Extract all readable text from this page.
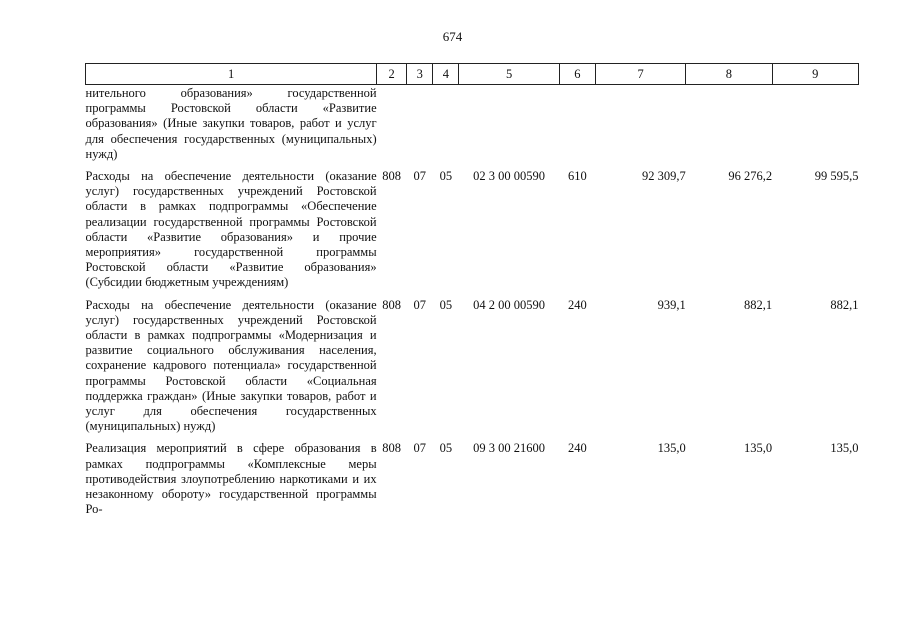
674
1	2	3	4	5	6	7	8	9
нительного образования» государственной программы Ростовской области «Развитие образования» (Иные закупки товаров, работ и услуг для обеспечения государственных (муниципальных) нужд)								
Расходы на обеспечение деятельности (оказание услуг) государственных учреждений Ростовской области в рамках подпрограммы «Обеспечение реализации государственной программы Ростовской области «Развитие образования» и прочие мероприятия» государственной программы Ростовской области «Развитие образования» (Субсидии бюджетным учреждениям)	808	07	05	02 3 00 00590	610	92 309,7	96 276,2	99 595,5
Расходы на обеспечение деятельности (оказание услуг) государственных учреждений Ростовской области в рамках подпрограммы «Модернизация и развитие социального обслуживания населения, сохранение кадрового потенциала» государственной программы Ростовской области «Социальная поддержка граждан» (Иные закупки товаров, работ и услуг для обеспечения государственных (муниципальных) нужд)	808	07	05	04 2 00 00590	240	939,1	882,1	882,1
Реализация мероприятий в сфере образования в рамках подпрограммы «Комплексные меры противодействия злоупотреблению наркотиками и их незаконному обороту» государственной программы Ро-	808	07	05	09 3 00 21600	240	135,0	135,0	135,0
